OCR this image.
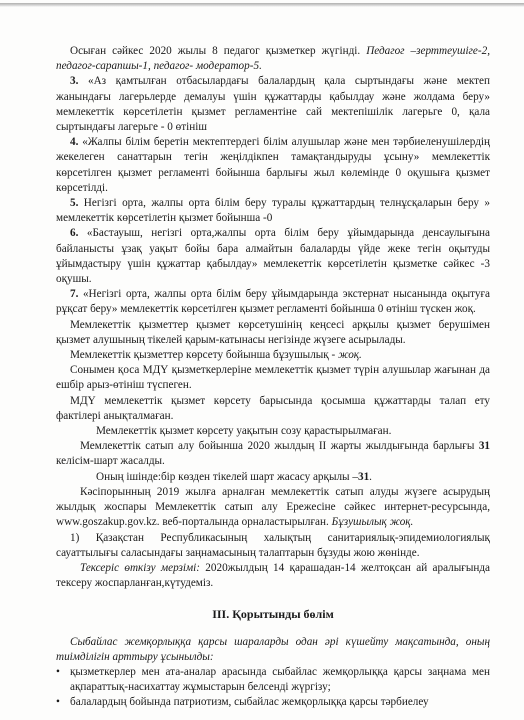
Осыған сәйкес 2020 жылы 8 педагог қызметкер жүгінді. Педагог –зерттеушіге-2, педагог-сарапшы-1, педагог- модератор-5.

3. «Аз қамтылған отбасылардағы балалардың қала сыртындағы және мектеп жанындағы лагерьлерде демалуы үшін құжаттарды қабылдау және жолдама беру» мемлекеттік көрсетілетін қызмет регламентіне сай мектепішілік лагерьге 0, қала сыртындағы лагерьге - 0 өтініш

4. «Жалпы білім беретін мектептердегі білім алушылар және мен тәрбиеленушілердің жекелеген санаттарын тегін жеңілдікпен тамақтандыруды ұсыну» мемлекеттік көрсетілген қызмет регламенті бойынша барлығы жыл көлемінде 0 оқушыға қызмет көрсетілді.

5. Негізгі орта, жалпы орта білім беру туралы құжаттардың телнұсқаларын беру » мемлекеттік көрсетілетін қызмет бойынша -0

6. «Бастауыш, негізгі орта,жалпы орта білім беру ұйымдарында денсаулығына байланысты ұзақ уақыт бойы бара алмайтын балаларды үйде жеке тегін оқытуды ұйымдастыру үшін құжаттар қабылдау» мемлекеттік көрсетілетін қызметке сәйкес -3 оқушы.

7. «Негізгі орта, жалпы орта білім беру ұйымдарында экстернат нысанында оқытуға рұқсат беру» мемлекеттік көрсетілген қызмет регламенті бойынша 0 өтініш түскен жоқ.

Мемлекеттік қызметтер қызмет көрсетушінің кеңсесі арқылы қызмет берушімен қызмет алушының тікелей қарым-катынасы негізінде жүзеге асырылады.

Мемлекеттік қызметтер көрсету бойынша бұзушылық - жоқ.

Сонымен қоса МДҮ қызметкерлеріне мемлекеттік қызмет түрін алушылар жағынан да ешбір арыз-өтініш түспеген.

МДҮ мемлекеттік қызмет көрсету барысында қосымша құжаттарды талап ету фактілері анықталмаған.

Мемлекеттік қызмет көрсету уақытын созу қарастырылмаған.

Мемлекеттік сатып алу бойынша 2020 жылдың II жарты жылдығында барлығы 31 келісім-шарт жасалды.

Оның ішінде:бір көзден тікелей шарт жасасу арқылы –31.

Кәсіпорынның 2019 жылға арналған мемлекеттік сатып алуды жүзеге асырудың жылдық жоспары Мемлекеттік сатып алу Ережесіне сәйкес интернет-ресурсында, www.goszakup.gov.kz. веб-порталында орналастырылған. Бұзушылық жоқ.

1) Қазақстан Республикасының халықтың санитариялық-эпидемиологиялық сауаттылығы саласындағы заңнамасының талаптарын бұзуды жою жөнінде.

Тексеріс өткізу мерзімі: 2020жылдың 14 қарашадан-14 желтоқсан ай аралығында тексеру жоспарланған,күтудемiз.

III. Қорытынды бөлім

Сыбайлас жемқорлыққа қарсы шараларды одан әрі күшейту мақсатында, оның тиімділігін арттыру ұсынылды:

• қызметкерлер мен ата-аналар арасында сыбайлас жемқорлыққа қарсы заңнама мен ақпараттық-насихаттау жұмыстарын белсенді жүргізу;

• балалардың бойында патриотизм, сыбайлас жемқорлыққа қарсы тәрбиелеу
